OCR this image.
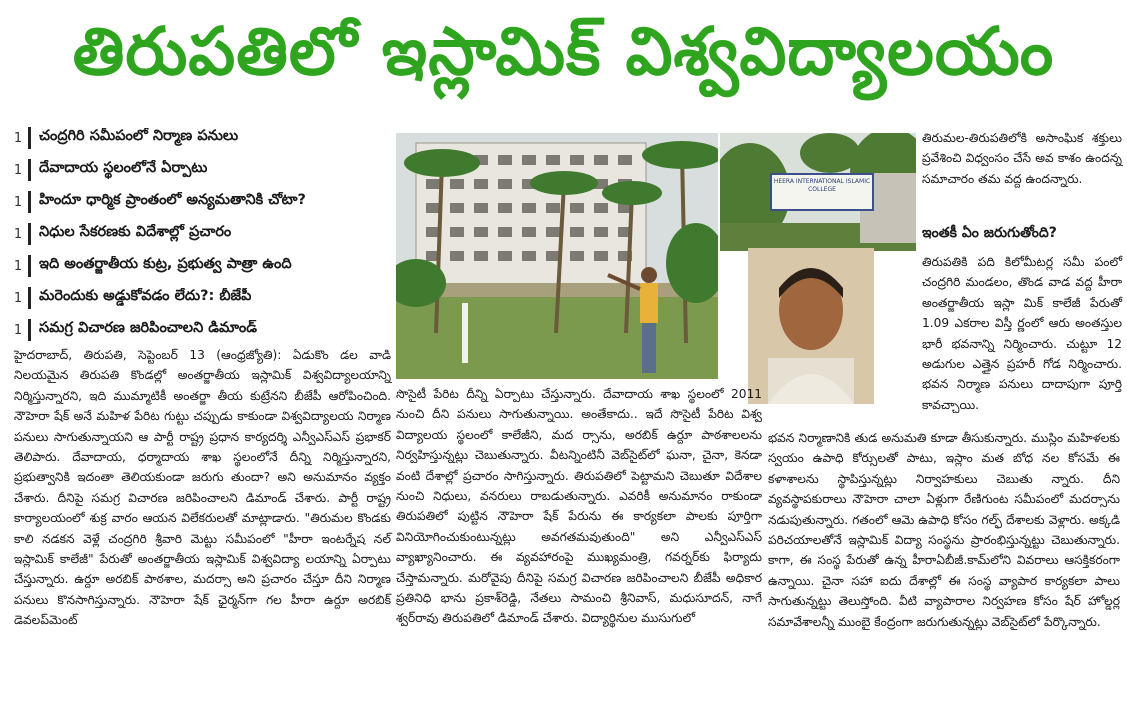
తిరుపతిలో ఇస్లామిక్ విశ్వవిద్యాలయం
1	చంద్రగిరి సమీపంలో నిర్మాణ పనులు
1	దేవాదాయ స్థలంలోనే ఏర్పాటు
1	హిందూ ధార్మిక ప్రాంతంలో అన్యమతానికి చోటా?
1	నిధుల సేకరణకు విదేశాల్లో ప్రచారం
1	ఇది అంతర్జాతీయ కుట్ర, ప్రభుత్వ పాత్రా ఉంది
1	మరెందుకు అడ్డుకోవడం లేదు?: బీజేపీ
1	సమగ్ర విచారణ జరిపించాలని డిమాండ్

హైదరాబాద్, తిరుపతి, సెప్టెంబర్ 13 (ఆంధ్రజ్యోతి): ఏడుకొం డల వాడి నిలయమైన తిరుపతి కొండల్లో అంతర్జాతీయ ఇస్లామిక్ విశ్వవిద్యాలయాన్ని నిర్మిస్తున్నారని, ఇది ముమ్మాటికీ అంతర్జా తీయ కుట్రేనని బీజేపీ ఆరోపించింది. నౌహెరా షేక్ అనే మహిళ పేరిట గుట్టు చప్పుడు కాకుండా విశ్వవిద్యాలయ నిర్మాణ పనులు సాగుతున్నాయని ఆ పార్టీ రాష్ట్ర ప్రధాన కార్యదర్శి ఎన్వీఎస్ఎస్ ప్రభాకర్ తెలిపారు. దేవాదాయ, ధర్మాదాయ శాఖ స్థలంలోనే దీన్ని నిర్మిస్తున్నారని, ప్రభుత్వానికి ఇదంతా తెలియకుండా జరుగు తుందా? అని అనుమానం వ్యక్తం చేశారు. దీనిపై సమగ్ర విచారణ జరిపించాలని డిమాండ్ చేశారు. పార్టీ రాష్ట్ర కార్యాలయంలో శుక్ర వారం ఆయన విలేకరులతో మాట్లాడారు. "తిరుమల కొండకు కాలి నడకన వెళ్లే చంద్రగిరి శ్రీవారి మెట్టు సమీపంలో "హీరా ఇంటర్నేష నల్ ఇస్లామిక్ కాలేజీ" పేరుతో అంతర్జాతీయ ఇస్లామిక్ విశ్వవిద్యా లయాన్ని ఏర్పాటు చేస్తున్నారు. ఉర్దూ అరబిక్ పాఠశాల, మదర్సా అని ప్రచారం చేస్తూ దీని నిర్మాణ పనులు కొనసాగిస్తున్నారు. నౌహెరా షేక్ ఛైర్మన్‌గా గల హీరా ఉర్దూ అరబిక్ డెవలప్‌మెంట్

HEERA INTERNATIONAL ISLAMIC COLLEGE

సొసైటీ పేరిట దీన్ని ఏర్పాటు చేస్తున్నారు. దేవాదాయ శాఖ స్థలంలో 2011 నుంచి దీని పనులు సాగుతున్నాయి. అంతేకాదు.. ఇదే సొసైటీ పేరిట విశ్వ విద్యాలయ స్థలంలో కాలేజీని, మద ర్సాను, అరబిక్ ఉర్దూ పాఠశాలలను నిర్వహిస్తున్నట్లు చెబుతున్నారు. వీటన్నింటినీ వెబ్‌సైట్‌లో ఘనా, చైనా, కెనడా వంటి దేశాల్లో ప్రచారం సాగిస్తున్నారు. తిరుపతిలో పెట్టామని చెబుతూ విదేశాల నుంచి నిధులు, వనరులు రాబడుతున్నారు. ఎవరికీ అనుమానం రాకుండా తిరుపతిలో పుట్టిన నౌహెరా షేక్ పేరును ఈ కార్యకలా పాలకు పూర్తిగా వినియోగించుకుంటున్నట్లు అవగతమవుతుంది" అని ఎన్వీఎస్ఎస్ వ్యాఖ్యానించారు. ఈ వ్యవహారంపై ముఖ్యమంత్రి, గవర్నర్‌కు ఫిర్యాదు చేస్తామన్నారు. మరోవైపు దీనిపై సమగ్ర విచారణ జరిపించాలని బీజేపీ అధికార ప్రతినిధి భాను ప్రకాశ్‌రెడ్డి, నేతలు సామంచి శ్రీనివాస్, మధుసూదన్, నాగే శ్వర్‌రావు తిరుపతిలో డిమాండ్ చేశారు. విద్యార్థినుల ముసుగులో

తిరుమల-తిరుపతిలోకి అసాంఘిక శక్తులు ప్రవేశించి విధ్వంసం చేసే అవ కాశం ఉందన్న సమాచారం తమ వద్ద ఉందన్నారు.

ఇంతకీ ఏం జరుగుతోంది?

తిరుపతికి పది కిలోమీటర్ల సమీ పంలో చంద్రగిరి మండలం, తొండ వాడ వద్ద హీరా అంతర్జాతీయ ఇస్లా మిక్ కాలేజీ పేరుతో 1.09 ఎకరాల విస్తీ ర్ణంలో ఆరు అంతస్తుల భారీ భవనాన్ని నిర్మించారు. చుట్టూ 12 అడుగుల ఎత్తైన ప్రహరీ గోడ నిర్మించారు. భవన నిర్మాణ పనులు దాదాపుగా పూర్తి కావచ్చాయి.

భవన నిర్మాణానికి తుడ అనుమతి కూడా తీసుకున్నారు. ముస్లిం మహిళలకు స్వయం ఉపాధి కోర్సులతో పాటు, ఇస్లాం మత బోధ నల కోసమే ఈ కళాశాలను స్థాపిస్తున్నట్లు నిర్వాహకులు చెబుతు న్నారు. దీని వ్యవస్థాపకురాలు నౌహెరా చాలా ఏళ్లుగా రేణిగుంట సమీపంలో మదర్సాను నడుపుతున్నారు. గతంలో ఆమె ఉపాధి కోసం గల్ఫ్ దేశాలకు వెళ్లారు. అక్కడి పరిచయాలతోనే ఇస్లామిక్ విద్యా సంస్థను ప్రారంభిస్తున్నట్టు చెబుతున్నారు. కాగా, ఈ సంస్థ పేరుతో ఉన్న హీరాఏబీజీ.కామ్‌లోని వివరాలు ఆసక్తికరంగా ఉన్నాయి. చైనా సహా ఐదు దేశాల్లో ఈ సంస్థ వ్యాపార కార్యకలా పాలు సాగుతున్నట్టు తెలుస్తోంది. వీటి వ్యాపారాల నిర్వహణ కోసం షేర్ హోల్డర్ల సమావేశాలన్నీ ముంబై కేంద్రంగా జరుగుతున్నట్లు వెబ్‌సైట్‌లో పేర్కొన్నారు.
